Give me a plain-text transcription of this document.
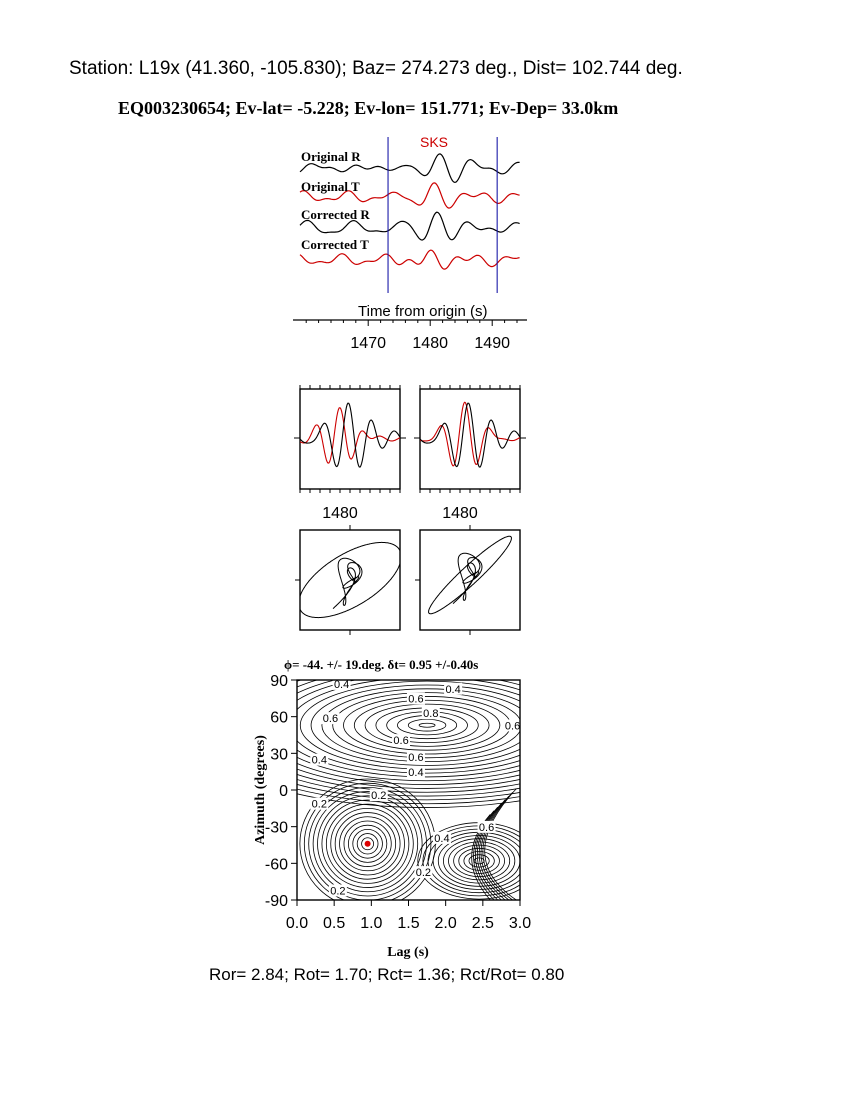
Station: L19x (41.360, -105.830); Baz= 274.273 deg., Dist= 102.744 deg.
EQ003230654; Ev-lat= -5.228; Ev-lon= 151.771; Ev-Dep= 33.0km
SKS
Original R
Original T
Corrected R
Corrected T
Time from origin (s)
1470 1480 1490
1480	1480
ϕ= -44. +/- 19.deg. δt= 0.95 +/-0.40s
0.4
0.6
0.4
0.6	0.8
0.6
0.6
0.4	0.6
0.4
0.2
0.2
0.6
0.4
0.2
0.2
0.0 0.5 1.0 1.5 2.0 2.5 3.0
90
60
30
0
-30
-60
-90
Lag (s)
Azimuth (degrees)
Ror= 2.84; Rot= 1.70; Rct= 1.36; Rct/Rot= 0.80
